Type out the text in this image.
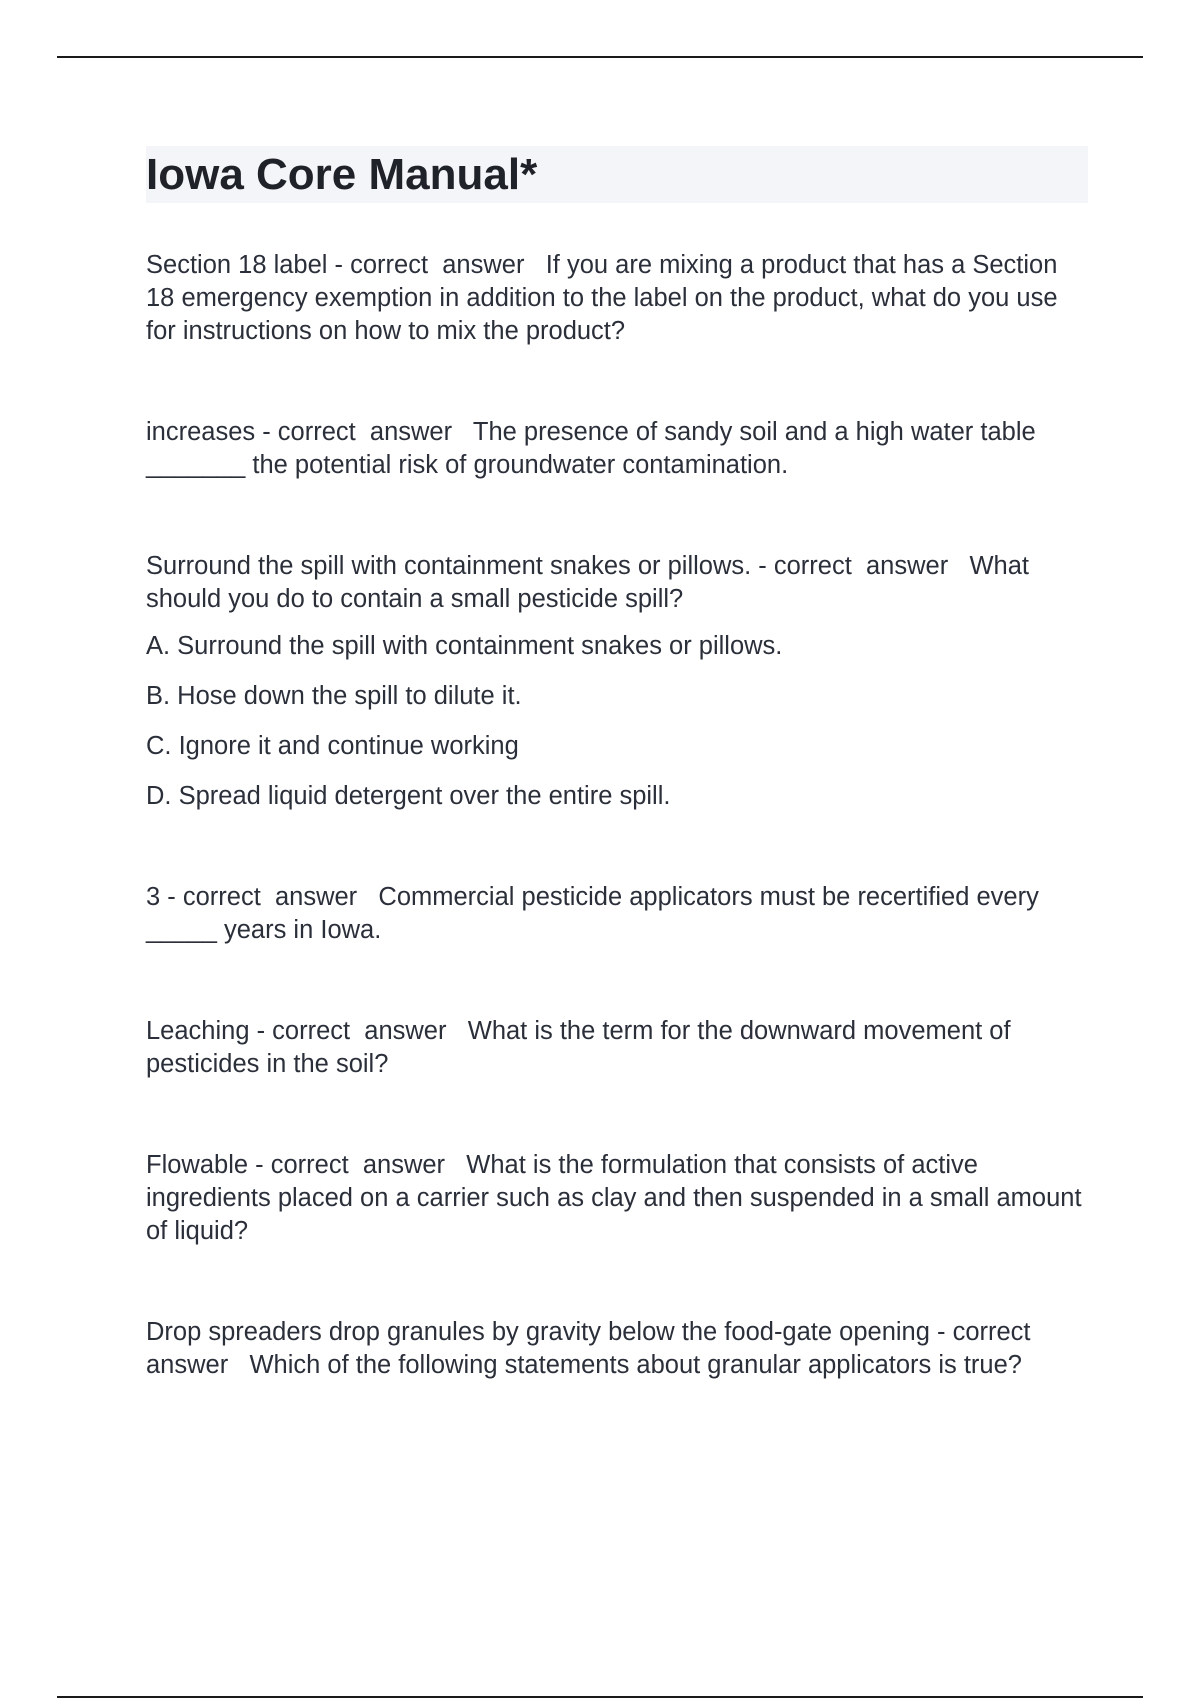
Iowa Core Manual*

Section 18 label - correct  answer   If you are mixing a product that has a Section 18 emergency exemption in addition to the label on the product, what do you use for instructions on how to mix the product?

increases - correct  answer   The presence of sandy soil and a high water table _______ the potential risk of groundwater contamination.

Surround the spill with containment snakes or pillows. - correct  answer   What should you do to contain a small pesticide spill?

A. Surround the spill with containment snakes or pillows.
B. Hose down the spill to dilute it.
C. Ignore it and continue working
D. Spread liquid detergent over the entire spill.

3 - correct  answer   Commercial pesticide applicators must be recertified every _____ years in Iowa.

Leaching - correct  answer   What is the term for the downward movement of pesticides in the soil?

Flowable - correct  answer   What is the formulation that consists of active ingredients placed on a carrier such as clay and then suspended in a small amount of liquid?

Drop spreaders drop granules by gravity below the food-gate opening - correct  answer   Which of the following statements about granular applicators is true?
